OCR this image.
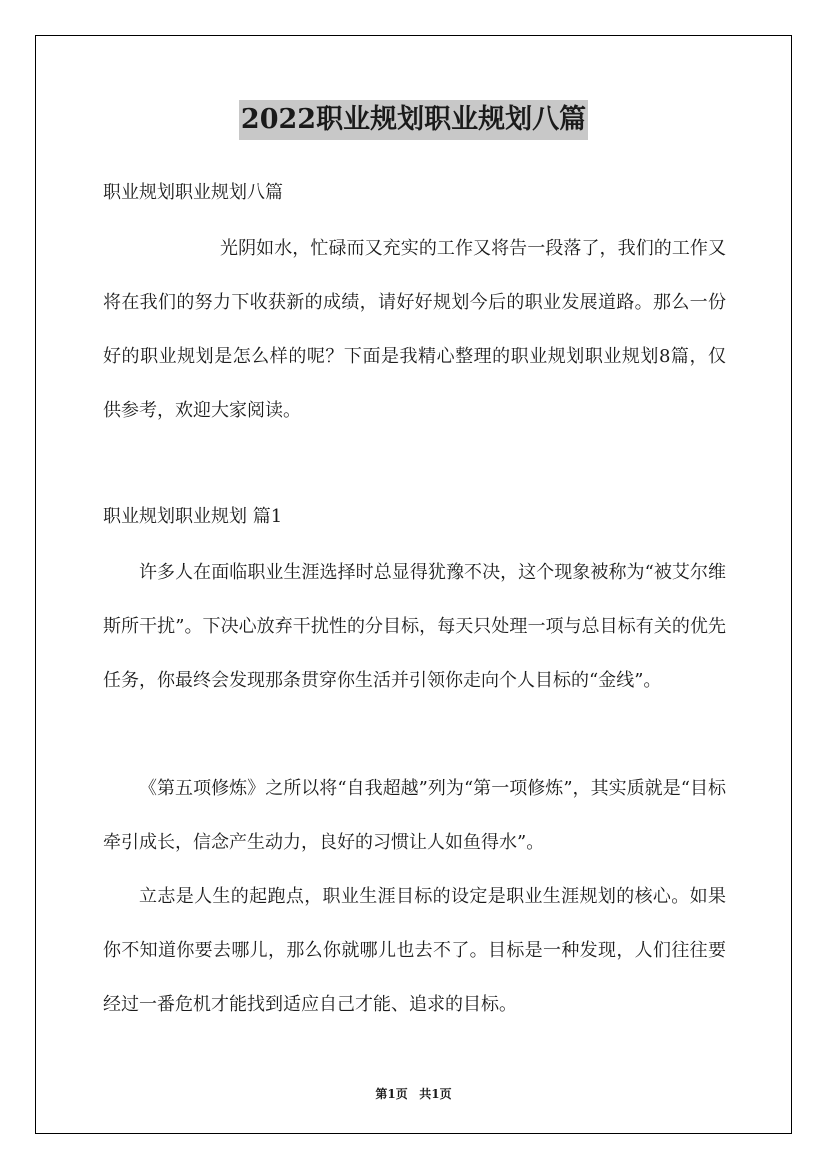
2022职业规划职业规划八篇
职业规划职业规划八篇

光阴如水，忙碌而又充实的工作又将告一段落了，我们的工作又将在我们的努力下收获新的成绩，请好好规划今后的职业发展道路。那么一份好的职业规划是怎么样的呢？下面是我精心整理的职业规划职业规划8篇，仅供参考，欢迎大家阅读。

职业规划职业规划 篇1

许多人在面临职业生涯选择时总显得犹豫不决，这个现象被称为“被艾尔维斯所干扰”。下决心放弃干扰性的分目标，每天只处理一项与总目标有关的优先任务，你最终会发现那条贯穿你生活并引领你走向个人目标的“金线”。

《第五项修炼》之所以将“自我超越”列为“第一项修炼”，其实质就是“目标牵引成长，信念产生动力，良好的习惯让人如鱼得水”。

立志是人生的起跑点，职业生涯目标的设定是职业生涯规划的核心。如果你不知道你要去哪儿，那么你就哪儿也去不了。目标是一种发现，人们往往要经过一番危机才能找到适应自己才能、追求的目标。

第1页 共1页
